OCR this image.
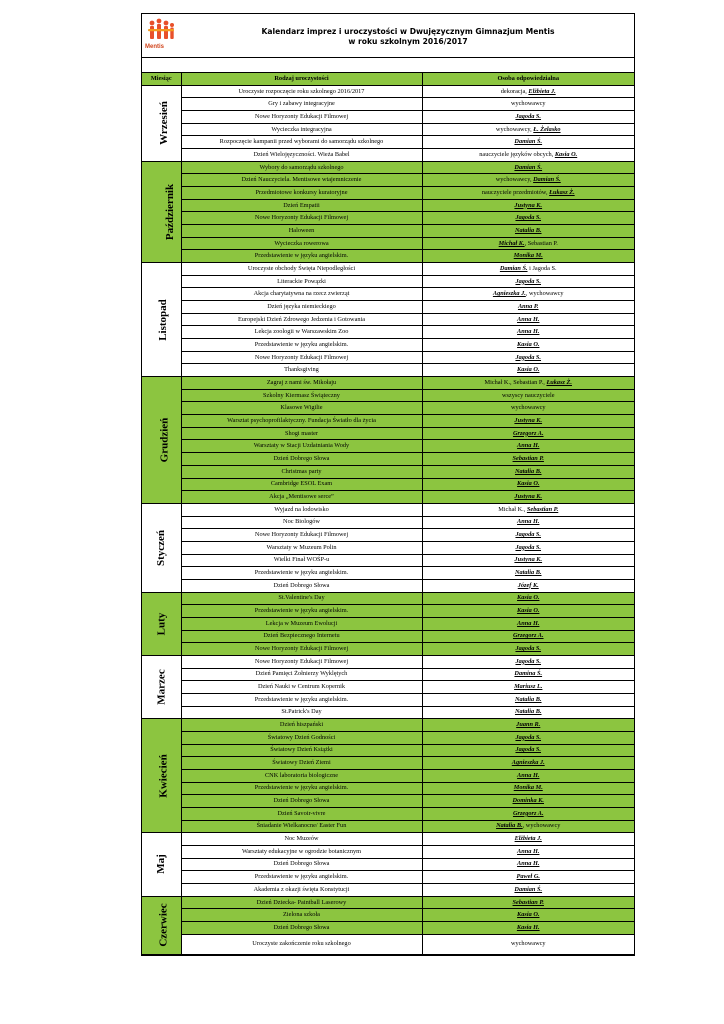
Mentis
Kalendarz imprez i uroczystości w Dwujęzycznym Gimnazjum Mentis
w roku szkolnym 2016/2017
Miesiąc	Rodzaj uroczystości	Osoba odpowiedzialna
Wrzesień	Uroczyste rozpoczęcie roku szkolnego 2016/2017	dekoracja, Elżbieta J.
	Gry i zabawy integracyjne	wychowawcy
	Nowe Horyzonty Edukacji Filmowej	Jagoda S.
	Wycieczka integracyjna	wychowawcy, Ł. Żelasko
	Rozpoczęcie kampanii przed wyborami do samorządu szkolnego	Damian Ś.
	Dzień Wielojęzyczności. Wieża Babel	nauczyciele języków obcych, Kasia O.
Październik	Wybory do samorządu szkolnego	Damian Ś.
	Dzień Nauczyciela. Mentisowe wtajemniczenie	wychowawcy, Damian Ś.
	Przedmiotowe konkursy kuratoryjne	nauczyciele przedmiotów, Łukasz Ż.
	Dzień Empatii	Justyna K.
	Nowe Horyzonty Edukacji Filmowej	Jagoda S.
	Haloween	Natalia B.
	Wycieczka rowerowa	Michał K., Sebastian P.
	Przedstawienie w języku angielskim.	Monika M.
Listopad	Uroczyste obchody Święta Niepodległości	Damian Ś. i Jagoda S.
	Literackie Powązki	Jagoda S.
	Akcja charytatywna na rzecz zwierząt	Agnieszka J., wychowawcy
	Dzień języka niemieckiego	Anna P.
	Europejski Dzień Zdrowego Jedzenia i Gotowania	Anna H.
	Lekcja zoologii w Warszawskim Zoo	Anna H.
	Przedstawienie w języku angielskim.	Kasia O.
	Nowe Horyzonty Edukacji Filmowej	Jagoda S.
	Thanksgiving	Kasia O.
Grudzień	Zagraj z nami św. Mikołaju	Michał K., Sebastian P., Łukasz Ż.
	Szkolny Kiermasz Świąteczny	wszyscy nauczyciele
	Klasowe Wigilie	wychowawcy
	Warsztat psychoprofilaktyczny. Fundacja Światło dla życia	Justyna K.
	Shogi master	Grzegorz A.
	Warsztaty w Stacji Uzdatniania Wody	Anna H.
	Dzień Dobrego Słowa	Sebastian P.
	Christmas party	Natalia B.
	Cambridge ESOL Exam	Kasia O.
	Akcja „Mentisowe serce”	Justyna K.
Styczeń	Wyjazd na lodowisko	Michał K., Sebastian P.
	Noc Biologów	Anna H.
	Nowe Horyzonty Edukacji Filmowej	Jagoda S.
	Warsztaty w Muzeum Polin	Jagoda S.
	Wielki Finał WOŚP-u	Justyna K.
	Przedstawienie w języku angielskim.	Natalia B.
	Dzień Dobrego Słowa	Józef K.
Luty	St.Valentine's Day	Kasia O.
	Przedstawienie w języku angielskim.	Kasia O.
	Lekcja w Muzeum Ewolucji	Anna H.
	Dzień Bezpiecznego Internetu	Grzegorz A.
	Nowe Horyzonty Edukacji Filmowej	Jagoda S.
Marzec	Nowe Horyzonty Edukacji Filmowej	Jagoda S.
	Dzień Pamięci Żołnierzy Wyklętych	Damina Ś.
	Dzień Nauki w Centrum Kopernik	Mariusz L.
	Przedstawienie w języku angielskim.	Natalia B.
	St.Patrick's Day	Natalia B.
Kwiecień	Dzień hiszpański	Juann R.
	Światowy Dzień Godności	Jagoda S.
	Światowy Dzień Książki	Jagoda S.
	Światowy Dzień Ziemi	Agnieszka J.
	CNK laboratoria biologiczne	Anna H.
	Przedstawienie w języku angielskim.	Monika M.
	Dzień Dobrego Słowa	Dominka K.
	Dzień Savoir-vivre	Grzegorz A.
	Śniadanie Wielkanocne/ Easter Fun	Natalia B., wychowawcy
Maj	Noc Muzeów	Elżbieta J.
	Warsztaty edukacyjne w ogrodzie botanicznym	Anna H.
	Dzień Dobrego Słowa	Anna H.
	Przedstawienie w języku angielskim.	Paweł G.
	Akademia z okazji święta Konstytucji	Damian Ś.
Czerwiec	Dzień Dziecka- Paintball Laserowy	Sebastian P.
	Zielona szkoła	Kasia O.
	Dzień Dobrego Słowa	Kasia H.
	Uroczyste zakończenie roku szkolnego	wychowawcy
